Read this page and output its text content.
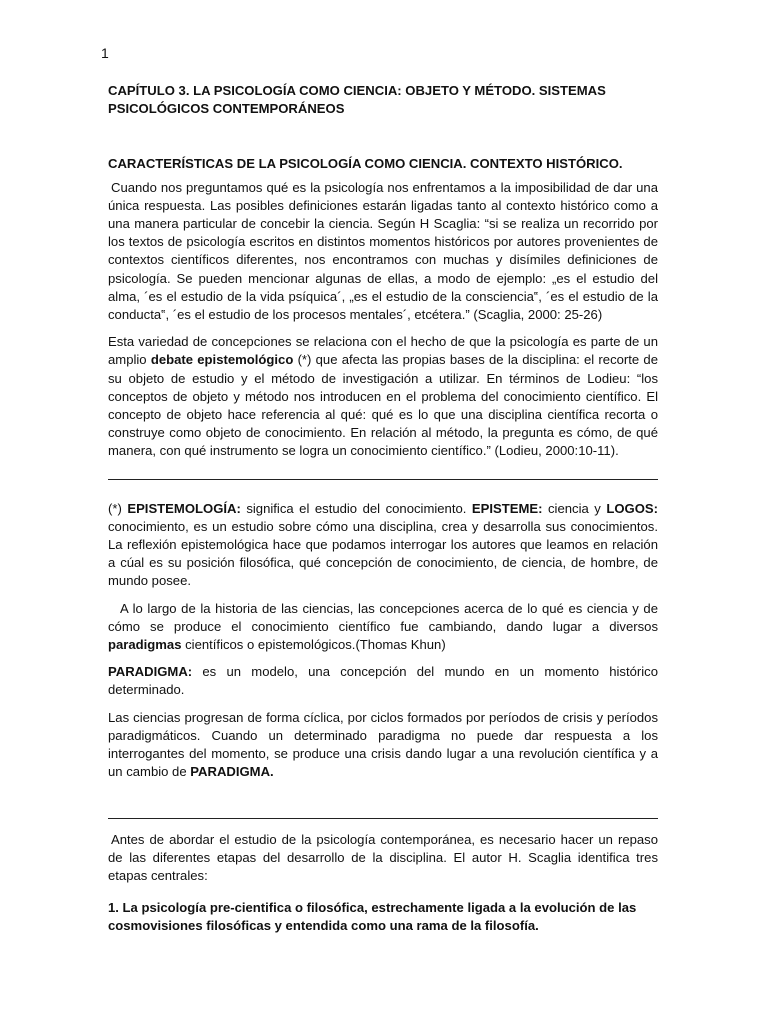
1

CAPÍTULO 3. LA PSICOLOGÍA COMO CIENCIA: OBJETO Y MÉTODO. SISTEMAS PSICOLÓGICOS CONTEMPORÁNEOS

CARACTERÍSTICAS DE LA PSICOLOGÍA COMO CIENCIA. CONTEXTO HISTÓRICO.

Cuando nos preguntamos qué es la psicología nos enfrentamos a la imposibilidad de dar una única respuesta. Las posibles definiciones estarán ligadas tanto al contexto histórico como a una manera particular de concebir la ciencia. Según H Scaglia: “si se realiza un recorrido por los textos de psicología escritos en distintos momentos históricos por autores provenientes de contextos científicos diferentes, nos encontramos con muchas y disímiles definiciones de psicología. Se pueden mencionar algunas de ellas, a modo de ejemplo: „es el estudio del alma, ´es el estudio de la vida psíquica´, „es el estudio de la consciencia‟, ´es el estudio de la conducta‟, ´es el estudio de los procesos mentales´, etcétera.” (Scaglia, 2000: 25-26)

Esta variedad de concepciones se relaciona con el hecho de que la psicología es parte de un amplio debate epistemológico (*) que afecta las propias bases de la disciplina: el recorte de su objeto de estudio y el método de investigación a utilizar. En términos de Lodieu: “los conceptos de objeto y método nos introducen en el problema del conocimiento científico. El concepto de objeto hace referencia al qué: qué es lo que una disciplina científica recorta o construye como objeto de conocimiento. En relación al método, la pregunta es cómo, de qué manera, con qué instrumento se logra un conocimiento científico.” (Lodieu, 2000:10-11).

(*) EPISTEMOLOGÍA: significa el estudio del conocimiento. EPISTEME: ciencia y LOGOS: conocimiento, es un estudio sobre cómo una disciplina, crea y desarrolla sus conocimientos. La reflexión epistemológica hace que podamos interrogar los autores que leamos en relación a cúal es su posición filosófica, qué concepción de conocimiento, de ciencia, de hombre, de mundo posee.

A lo largo de la historia de las ciencias, las concepciones acerca de lo qué es ciencia y de cómo se produce el conocimiento científico fue cambiando, dando lugar a diversos paradigmas científicos o epistemológicos.(Thomas Khun)

PARADIGMA: es un modelo, una concepción del mundo en un momento histórico determinado.

Las ciencias progresan de forma cíclica, por ciclos formados por períodos de crisis y períodos paradigmáticos. Cuando un determinado paradigma no puede dar respuesta a los interrogantes del momento, se produce una crisis dando lugar a una revolución científica y a un cambio de PARADIGMA.

Antes de abordar el estudio de la psicología contemporánea, es necesario hacer un repaso de las diferentes etapas del desarrollo de la disciplina. El autor H. Scaglia identifica tres etapas centrales:

1. La psicología pre-cientifica o filosófica, estrechamente ligada a la evolución de las cosmovisiones filosóficas y entendida como una rama de la filosofía.
